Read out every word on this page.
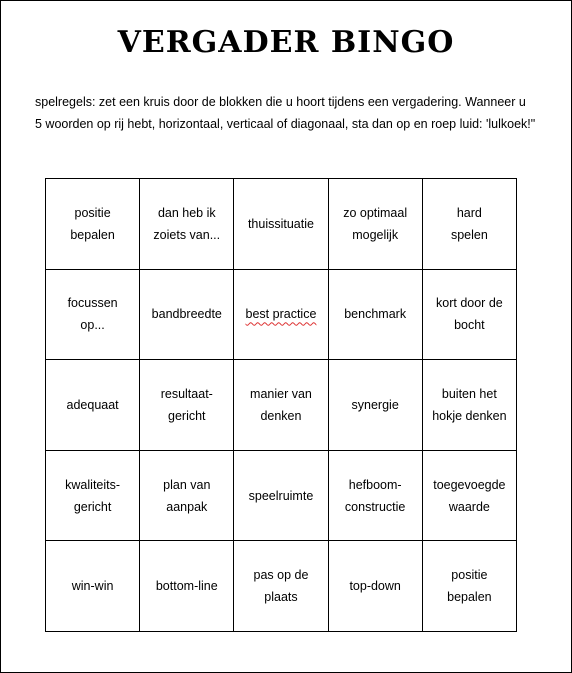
VERGADER BINGO
spelregels: zet een kruis door de blokken die u hoort tijdens een vergadering. Wanneer u
5 woorden op rij hebt, horizontaal, verticaal of diagonaal, sta dan op en roep luid: 'lulkoek!"
positie
bepalen	dan heb ik
zoiets van...	thuissituatie	zo optimaal
mogelijk	hard
spelen

focussen
op...	bandbreedte	best practice	benchmark	kort door de
bocht

adequaat	resultaat-
gericht	manier van
denken	synergie	buiten het
hokje denken

kwaliteits-
gericht	plan van
aanpak	speelruimte	hefboom-
constructie	toegevoegde
waarde

win-win	bottom-line	pas op de
plaats	top-down	positie
bepalen
